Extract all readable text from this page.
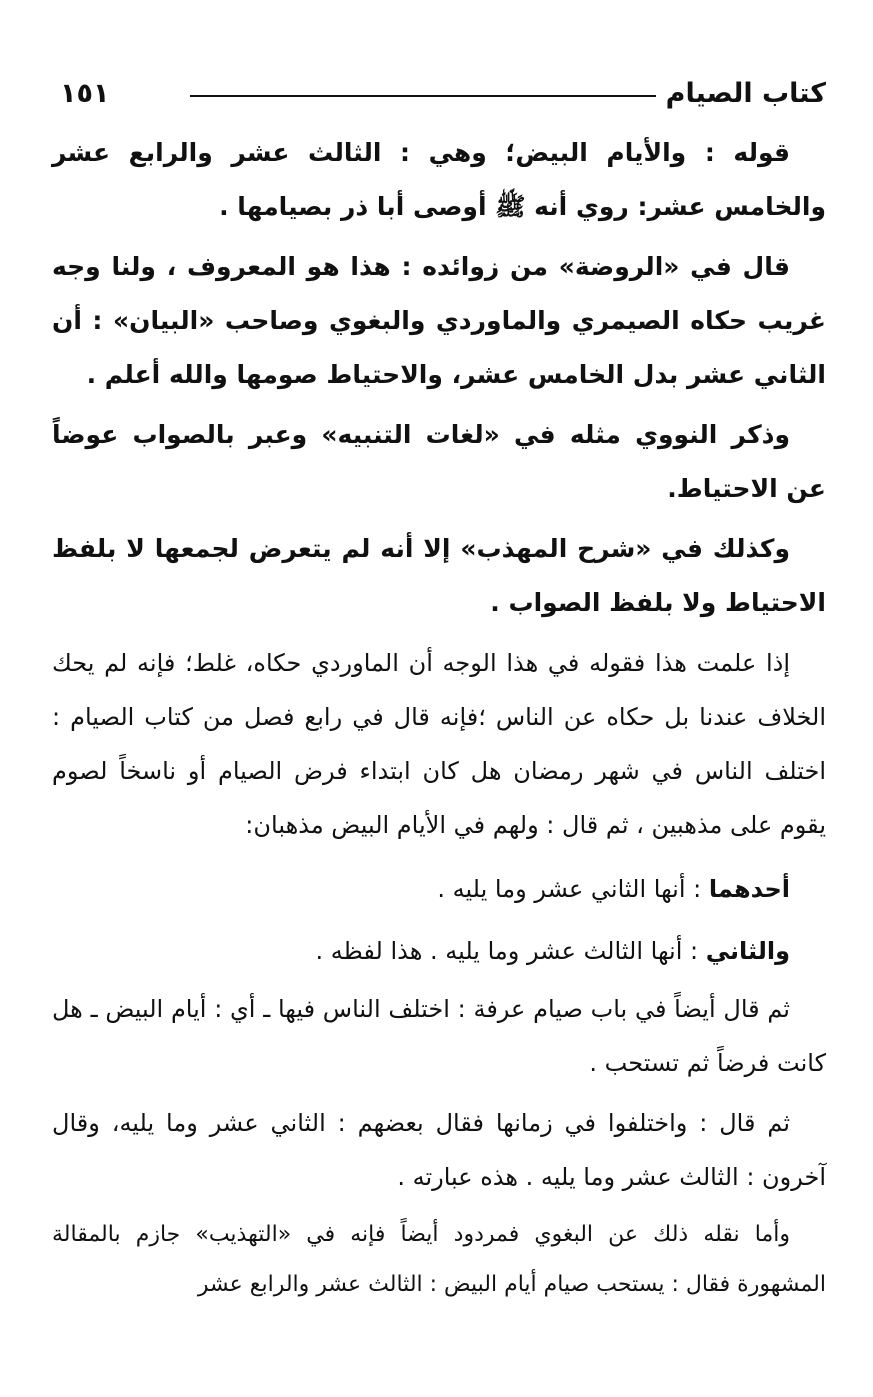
كتاب الصيام
١٥١

قوله : والأيام البيض؛ وهي : الثالث عشر والرابع عشر والخامس عشر: روي أنه ﷺ أوصى أبا ذر بصيامها .

قال في «الروضة» من زوائده : هذا هو المعروف ، ولنا وجه غريب حكاه الصيمري والماوردي والبغوي وصاحب «البيان» : أن الثاني عشر بدل الخامس عشر، والاحتياط صومها والله أعلم .

وذكر النووي مثله في «لغات التنبيه» وعبر بالصواب عوضاً عن الاحتياط.

وكذلك في «شرح المهذب» إلا أنه لم يتعرض لجمعها لا بلفظ الاحتياط ولا بلفظ الصواب .

إذا علمت هذا فقوله في هذا الوجه أن الماوردي حكاه، غلط؛ فإنه لم يحك الخلاف عندنا بل حكاه عن الناس ؛فإنه قال في رابع فصل من كتاب الصيام : اختلف الناس في شهر رمضان هل كان ابتداء فرض الصيام أو ناسخاً لصوم يقوم على مذهبين ، ثم قال : ولهم في الأيام البيض مذهبان:

أحدهما : أنها الثاني عشر وما يليه .

والثاني : أنها الثالث عشر وما يليه . هذا لفظه .

ثم قال أيضاً في باب صيام عرفة : اختلف الناس فيها ـ أي : أيام البيض ـ هل كانت فرضاً ثم تستحب .

ثم قال : واختلفوا في زمانها فقال بعضهم : الثاني عشر وما يليه، وقال آخرون : الثالث عشر وما يليه . هذه عبارته .

وأما نقله ذلك عن البغوي فمردود أيضاً فإنه في «التهذيب» جازم بالمقالة المشهورة فقال : يستحب صيام أيام البيض : الثالث عشر والرابع عشر
